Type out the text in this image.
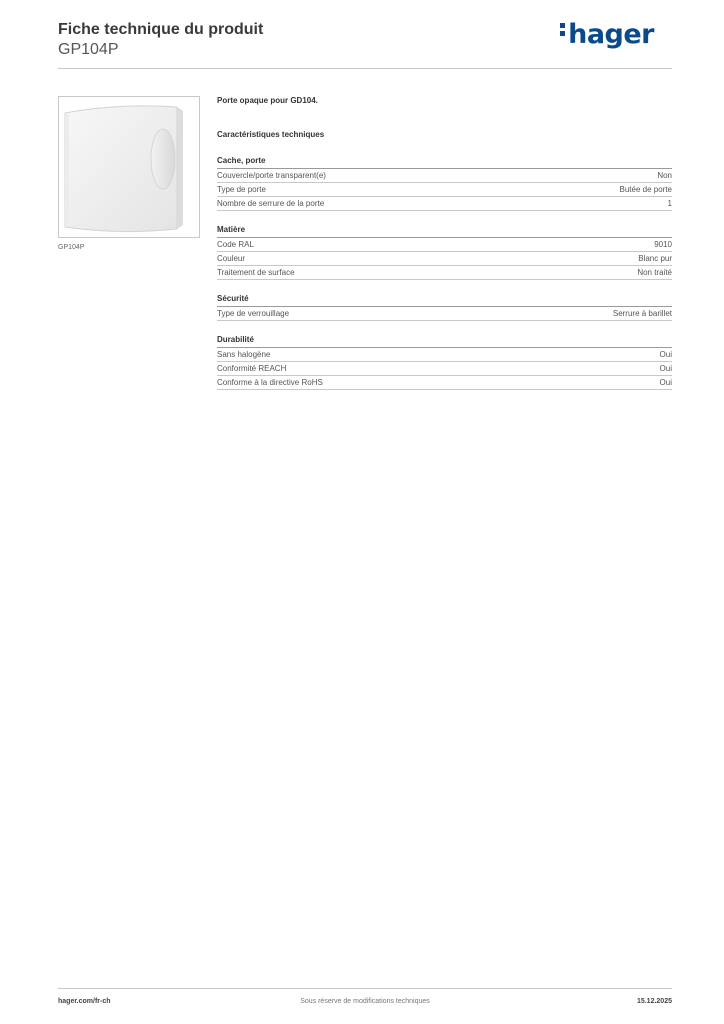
Fiche technique du produit

GP104P	hager
GP104P

Porte opaque pour GD104.

Caractéristiques techniques

Cache, porte
Couvercle/porte transparent(e)	Non
Type de porte	Butée de porte
Nombre de serrure de la porte	1
Matière
Code RAL	9010
Couleur	Blanc pur
Traitement de surface	Non traité
Sécurité
Type de verrouillage	Serrure à barillet
Durabilité
Sans halogène	Oui
Conformité REACH	Oui
Conforme à la directive RoHS	Oui
hager.com/fr-ch	Sous réserve de modifications techniques	15.12.2025
